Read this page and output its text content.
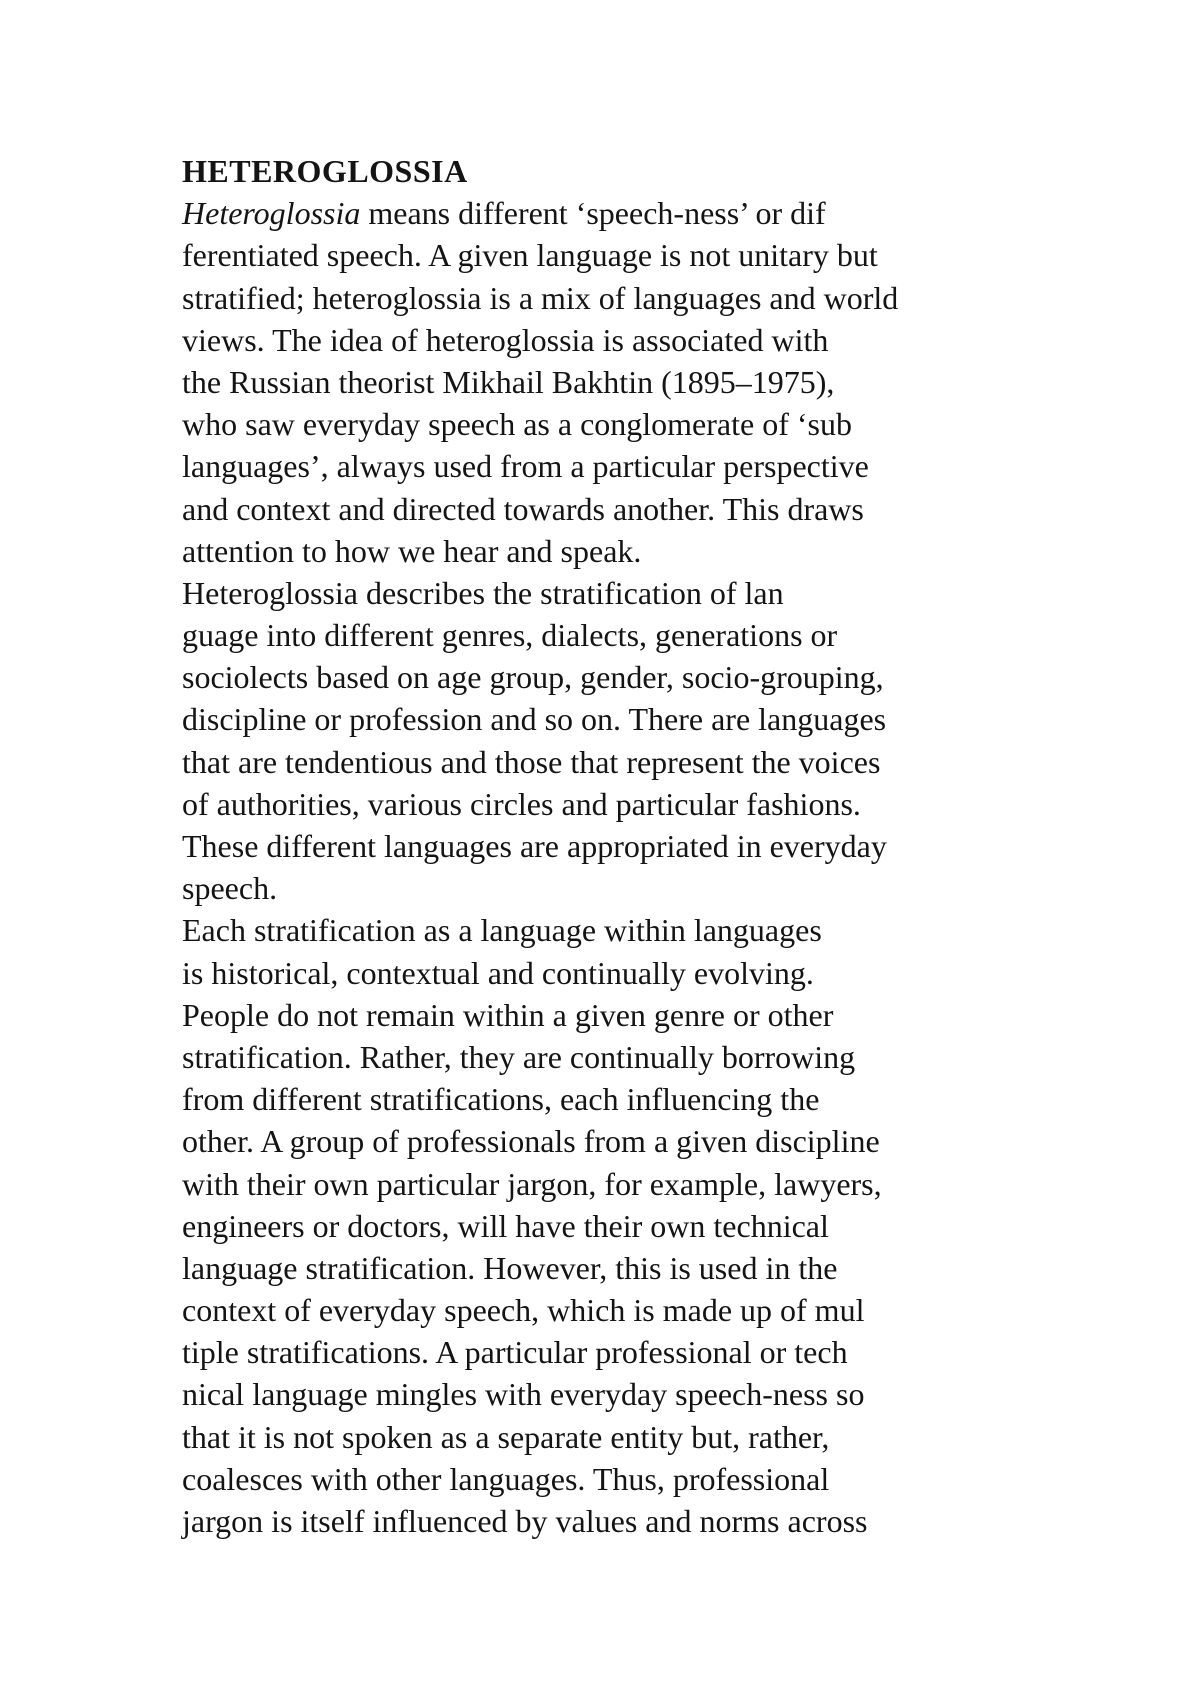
HETEROGLOSSIA
Heteroglossia means different ‘speech-ness’ or dif
ferentiated speech. A given language is not unitary but
stratified; heteroglossia is a mix of languages and world
views. The idea of heteroglossia is associated with
the Russian theorist Mikhail Bakhtin (1895–1975),
who saw everyday speech as a conglomerate of ‘sub
languages’, always used from a particular perspective
and context and directed towards another. This draws
attention to how we hear and speak.
Heteroglossia describes the stratification of lan
guage into different genres, dialects, generations or
sociolects based on age group, gender, socio-grouping,
discipline or profession and so on. There are languages
that are tendentious and those that represent the voices
of authorities, various circles and particular fashions.
These different languages are appropriated in everyday
speech.
Each stratification as a language within languages
is historical, contextual and continually evolving.
People do not remain within a given genre or other
stratification. Rather, they are continually borrowing
from different stratifications, each influencing the
other. A group of professionals from a given discipline
with their own particular jargon, for example, lawyers,
engineers or doctors, will have their own technical
language stratification. However, this is used in the
context of everyday speech, which is made up of mul
tiple stratifications. A particular professional or tech
nical language mingles with everyday speech-ness so
that it is not spoken as a separate entity but, rather,
coalesces with other languages. Thus, professional
jargon is itself influenced by values and norms across
